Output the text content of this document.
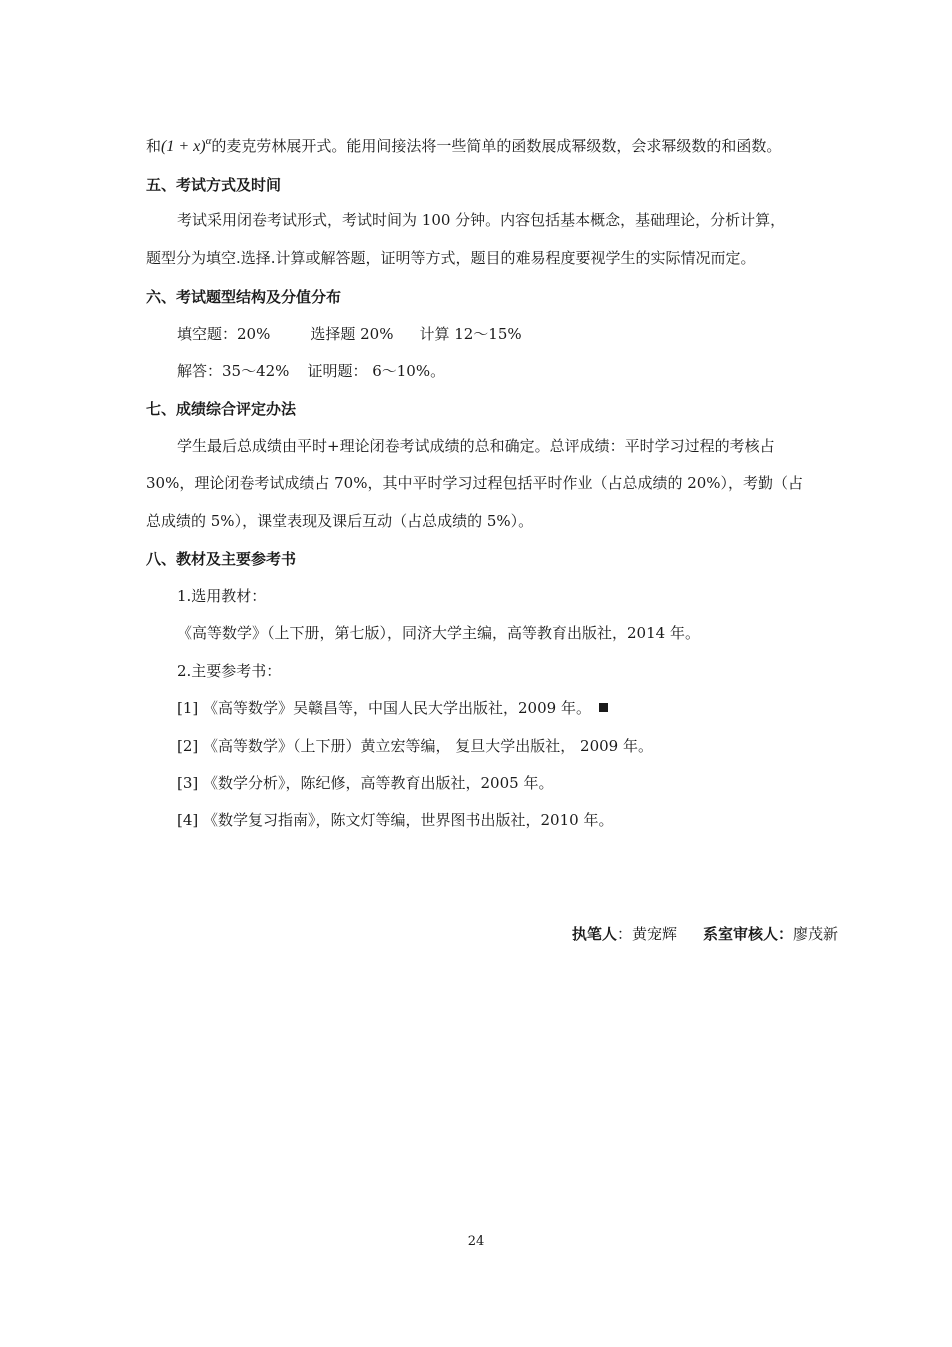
和$(1 + x)^\alpha$的麦克劳林展开式。能用间接法将一些简单的函数展成幂级数，会求幂级数的和函数。
五、考试方式及时间
考试采用闭卷考试形式，考试时间为 100 分钟。内容包括基本概念，基础理论，分析计算，
题型分为填空.选择.计算或解答题，证明等方式，题目的难易程度要视学生的实际情况而定。
六、考试题型结构及分值分布
填空题：20%	选择题 20% 计算 12～15%
解答：35～42% 证明题： 6～10%。
七、成绩综合评定办法
学生最后总成绩由平时+理论闭卷考试成绩的总和确定。总评成绩：平时学习过程的考核占
30%，理论闭卷考试成绩占 70%，其中平时学习过程包括平时作业（占总成绩的 20%），考勤（占
总成绩的 5%），课堂表现及课后互动（占总成绩的 5%）。
八、教材及主要参考书
1.选用教材：
《高等数学》（上下册，第七版），同济大学主编，高等教育出版社，2014 年。
2.主要参考书：
[1] 《高等数学》吴赣昌等，中国人民大学出版社，2009 年。
[2] 《高等数学》（上下册）黄立宏等编， 复旦大学出版社， 2009 年。
[3] 《数学分析》，陈纪修，高等教育出版社，2005 年。
[4] 《数学复习指南》，陈文灯等编，世界图书出版社，2010 年。
执笔人：黄宠辉 系室审核人：廖茂新
24
